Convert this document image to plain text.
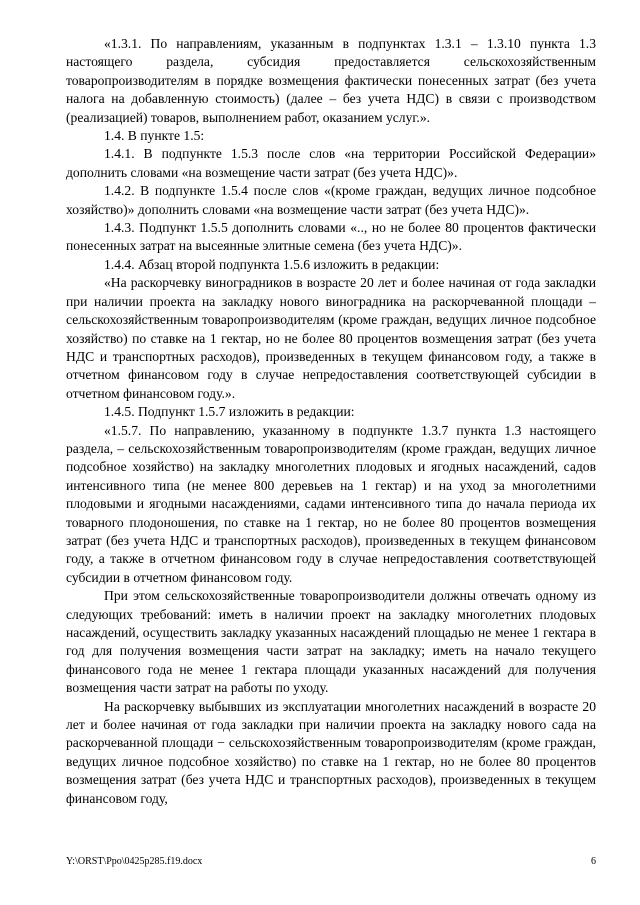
«1.3.1. По направлениям, указанным в подпунктах 1.3.1 – 1.3.10 пункта 1.3 настоящего раздела, субсидия предоставляется сельскохозяйственным товаропроизводителям в порядке возмещения фактически понесенных затрат (без учета налога на добавленную стоимость) (далее – без учета НДС) в связи с производством (реализацией) товаров, выполнением работ, оказанием услуг.».

1.4. В пункте 1.5:

1.4.1. В подпункте 1.5.3 после слов «на территории Российской Федерации» дополнить словами «на возмещение части затрат (без учета НДС)».

1.4.2. В подпункте 1.5.4 после слов «(кроме граждан, ведущих личное подсобное хозяйство)» дополнить словами «на возмещение части затрат (без учета НДС)».

1.4.3. Подпункт 1.5.5 дополнить словами «.., но не более 80 процентов фактически понесенных затрат на высеянные элитные семена (без учета НДС)».

1.4.4. Абзац второй подпункта 1.5.6 изложить в редакции:

«На раскорчевку виноградников в возрасте 20 лет и более начиная от года закладки при наличии проекта на закладку нового виноградника на раскорчеванной площади – сельскохозяйственным товаропроизводителям (кроме граждан, ведущих личное подсобное хозяйство) по ставке на 1 гектар, но не более 80 процентов возмещения затрат (без учета НДС и транспортных расходов), произведенных в текущем финансовом году, а также в отчетном финансовом году в случае непредоставления соответствующей субсидии в отчетном финансовом году.».

1.4.5. Подпункт 1.5.7 изложить в редакции:

«1.5.7. По направлению, указанному в подпункте 1.3.7 пункта 1.3 настоящего раздела, – сельскохозяйственным товаропроизводителям (кроме граждан, ведущих личное подсобное хозяйство) на закладку многолетних плодовых и ягодных насаждений, садов интенсивного типа (не менее 800 деревьев на 1 гектар) и на уход за многолетними плодовыми и ягодными насаждениями, садами интенсивного типа до начала периода их товарного плодоношения, по ставке на 1 гектар, но не более 80 процентов возмещения затрат (без учета НДС и транспортных расходов), произведенных в текущем финансовом году, а также в отчетном финансовом году в случае непредоставления соответствующей субсидии в отчетном финансовом году.

При этом сельскохозяйственные товаропроизводители должны отвечать одному из следующих требований: иметь в наличии проект на закладку многолетних плодовых насаждений, осуществить закладку указанных насаждений площадью не менее 1 гектара в год для получения возмещения части затрат на закладку; иметь на начало текущего финансового года не менее 1 гектара площади указанных насаждений для получения возмещения части затрат на работы по уходу.

На раскорчевку выбывших из эксплуатации многолетних насаждений в возрасте 20 лет и более начиная от года закладки при наличии проекта на закладку нового сада на раскорчеванной площади − сельскохозяйственным товаропроизводителям (кроме граждан, ведущих личное подсобное хозяйство) по ставке на 1 гектар, но не более 80 процентов возмещения затрат (без учета НДС и транспортных расходов), произведенных в текущем финансовом году,

Y:\ORST\Ppo\0425p285.f19.docx	6
